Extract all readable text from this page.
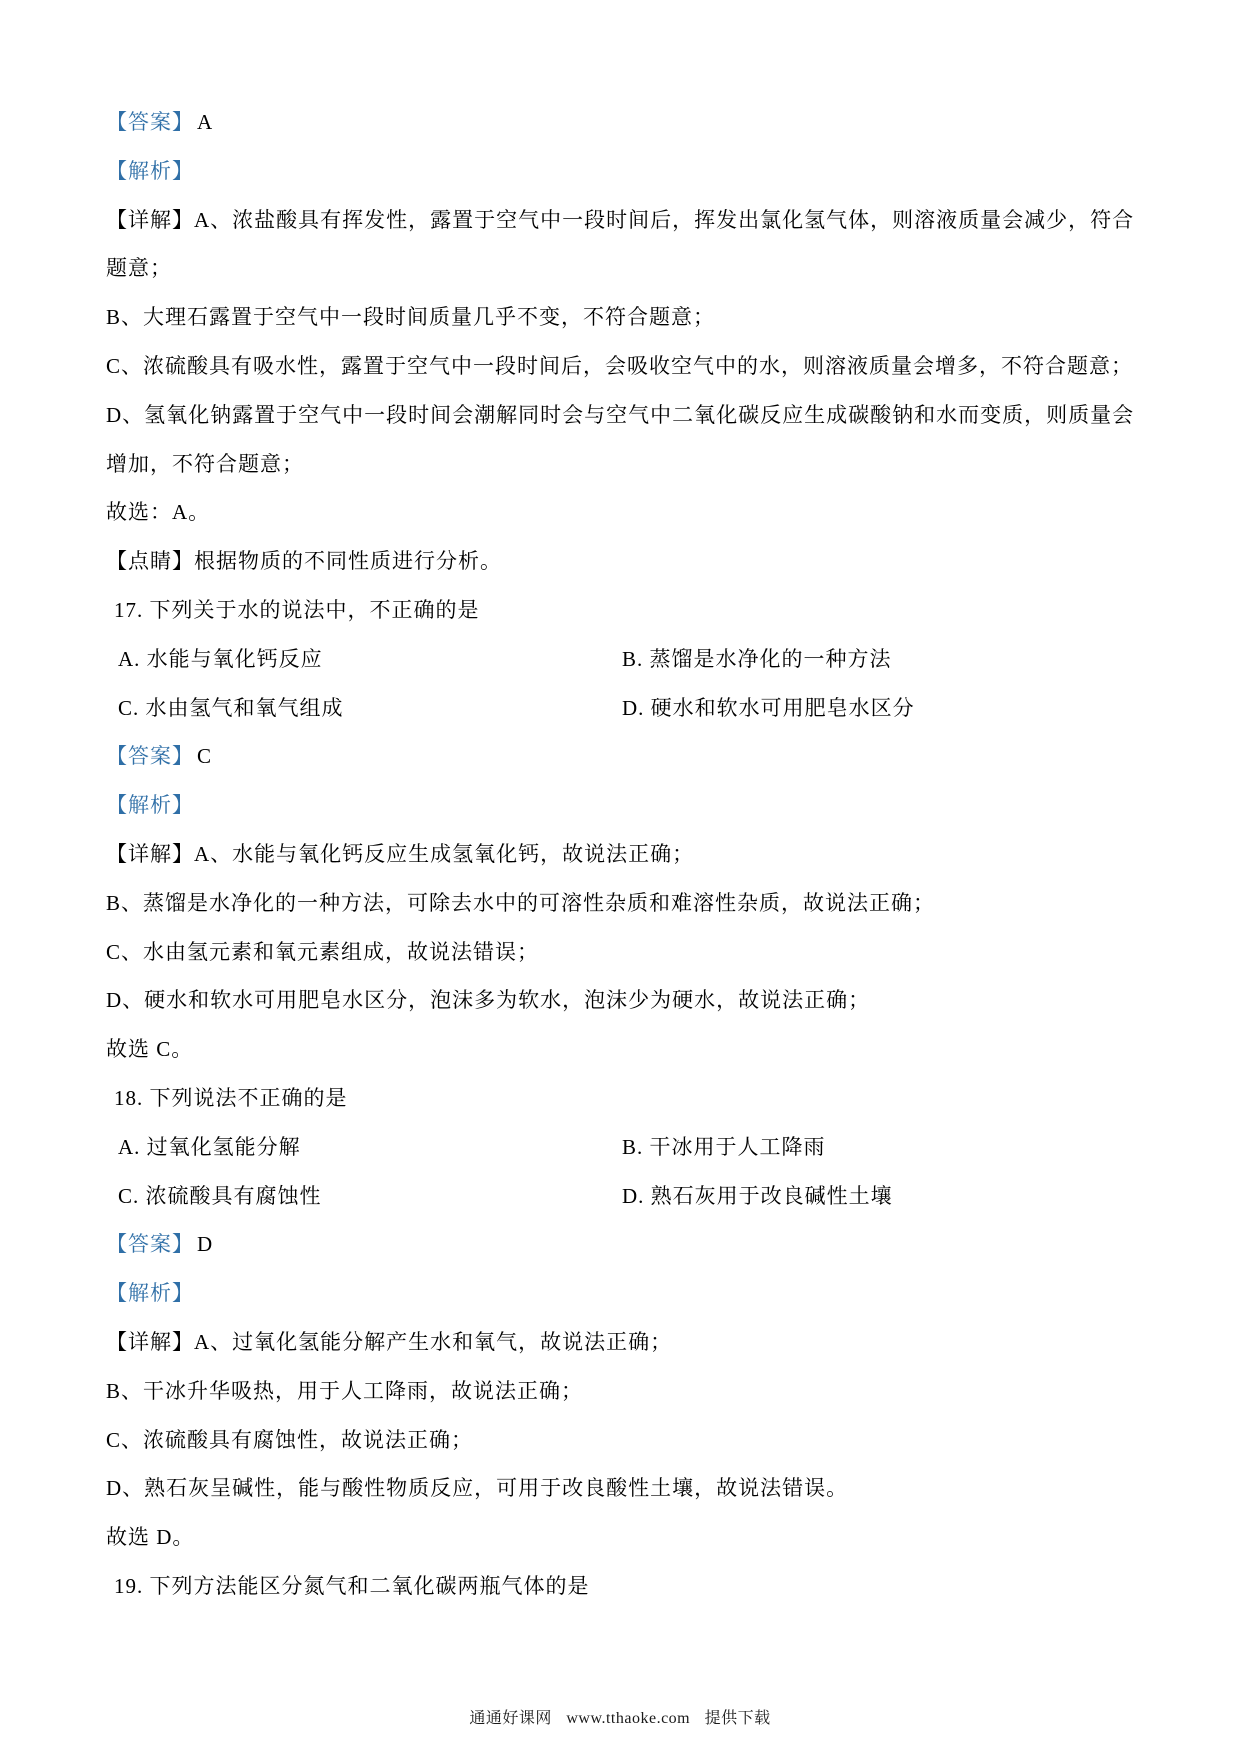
【答案】 A

【解析】

【详解】A、浓盐酸具有挥发性，露置于空气中一段时间后，挥发出氯化氢气体，则溶液质量会减少，符合

题意；

B、大理石露置于空气中一段时间质量几乎不变，不符合题意；

C、浓硫酸具有吸水性，露置于空气中一段时间后，会吸收空气中的水，则溶液质量会增多，不符合题意；

D、氢氧化钠露置于空气中一段时间会潮解同时会与空气中二氧化碳反应生成碳酸钠和水而变质，则质量会

增加，不符合题意；

故选：A。

【点睛】根据物质的不同性质进行分析。

17. 下列关于水的说法中，不正确的是

A. 水能与氧化钙反应	B. 蒸馏是水净化的一种方法

C. 水由氢气和氧气组成	D. 硬水和软水可用肥皂水区分

【答案】 C

【解析】

【详解】A、水能与氧化钙反应生成氢氧化钙，故说法正确；

B、蒸馏是水净化的一种方法，可除去水中的可溶性杂质和难溶性杂质，故说法正确；

C、水由氢元素和氧元素组成，故说法错误；

D、硬水和软水可用肥皂水区分，泡沫多为软水，泡沫少为硬水，故说法正确；

故选 C。

18. 下列说法不正确的是

A. 过氧化氢能分解	B. 干冰用于人工降雨

C. 浓硫酸具有腐蚀性	D. 熟石灰用于改良碱性土壤

【答案】 D

【解析】

【详解】A、过氧化氢能分解产生水和氧气，故说法正确；

B、干冰升华吸热，用于人工降雨，故说法正确；

C、浓硫酸具有腐蚀性，故说法正确；

D、熟石灰呈碱性，能与酸性物质反应，可用于改良酸性土壤，故说法错误。

故选 D。

19. 下列方法能区分氮气和二氧化碳两瓶气体的是

通通好课网 www.tthaoke.com 提供下载
